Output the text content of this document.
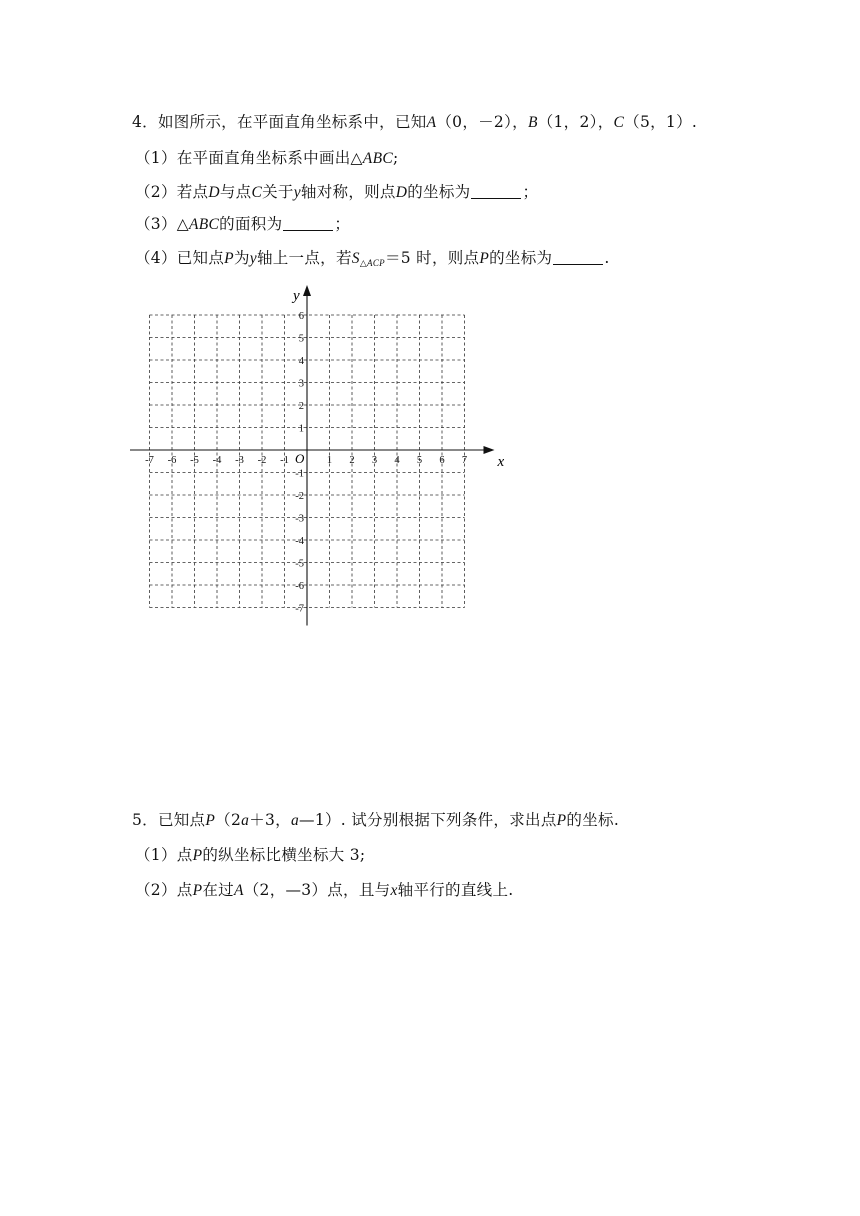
4．如图所示，在平面直角坐标系中，已知A（0，－2），B（1，2），C（5，1）.
（1）在平面直角坐标系中画出△ABC;
（2）若点D与点C关于y轴对称，则点D的坐标为	；
（3）△ABC的面积为	；
（4）已知点P为y轴上一点，若S△ACP＝5 时，则点P的坐标为	.
-7 -6 -5 -4 -3 -2 -1	1 2 3 4 5 6 7
6
5
4
3
2
1
-1
-2
-3
-4
-5
-6
-7
x
y
O
5．已知点P（2a＋3，a—1）. 试分别根据下列条件，求出点P的坐标.
（1）点P的纵坐标比横坐标大 3;
（2）点P在过A（2，—3）点，且与x轴平行的直线上.
